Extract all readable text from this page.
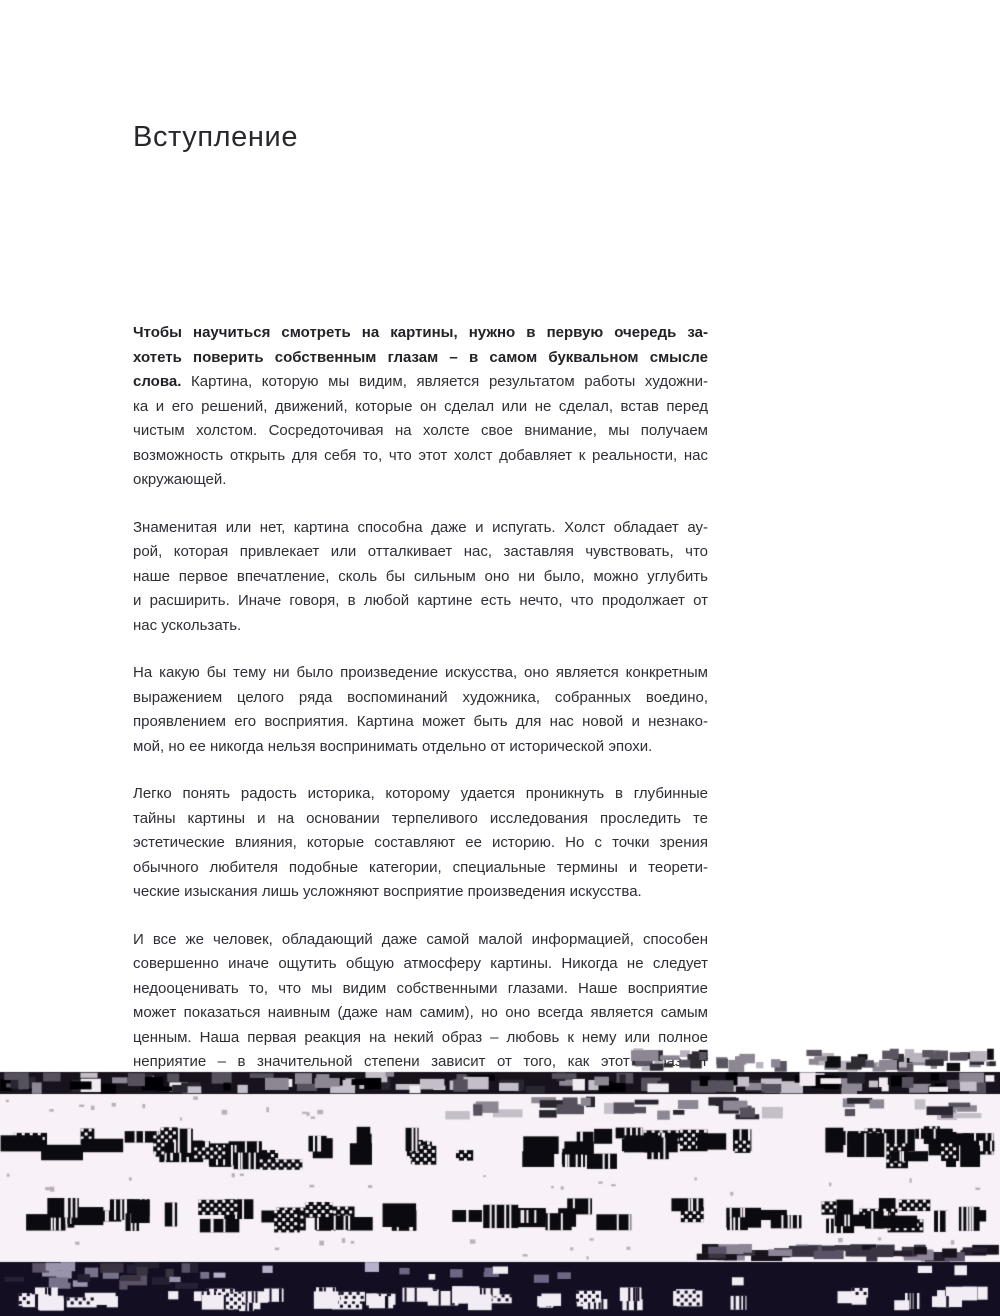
Вступление

Чтобы научиться смотреть на картины, нужно в первую очередь за-
хотеть поверить собственным глазам – в самом буквальном смысле
слова. Картина, которую мы видим, является результатом работы художни-
ка и его решений, движений, которые он сделал или не сделал, встав перед
чистым холстом. Сосредоточивая на холсте свое внимание, мы получаем
возможность открыть для себя то, что этот холст добавляет к реальности, нас
окружающей.

Знаменитая или нет, картина способна даже и испугать. Холст обладает ау-
рой, которая привлекает или отталкивает нас, заставляя чувствовать, что
наше первое впечатление, сколь бы сильным оно ни было, можно углубить
и расширить. Иначе говоря, в любой картине есть нечто, что продолжает от
нас ускользать.

На какую бы тему ни было произведение искусства, оно является конкретным
выражением целого ряда воспоминаний художника, собранных воедино,
проявлением его восприятия. Картина может быть для нас новой и незнако-
мой, но ее никогда нельзя воспринимать отдельно от исторической эпохи.

Легко понять радость историка, которому удается проникнуть в глубинные
тайны картины и на основании терпеливого исследования проследить те
эстетические влияния, которые составляют ее историю. Но с точки зрения
обычного любителя подобные категории, специальные термины и теорети-
ческие изыскания лишь усложняют восприятие произведения искусства.

И все же человек, обладающий даже самой малой информацией, способен
совершенно иначе ощутить общую атмосферу картины. Никогда не следует
недооценивать то, что мы видим собственными глазами. Наше восприятие
может показаться наивным (даже нам самим), но оно всегда является самым
ценным. Наша первая реакция на некий образ – любовь к нему или полное
